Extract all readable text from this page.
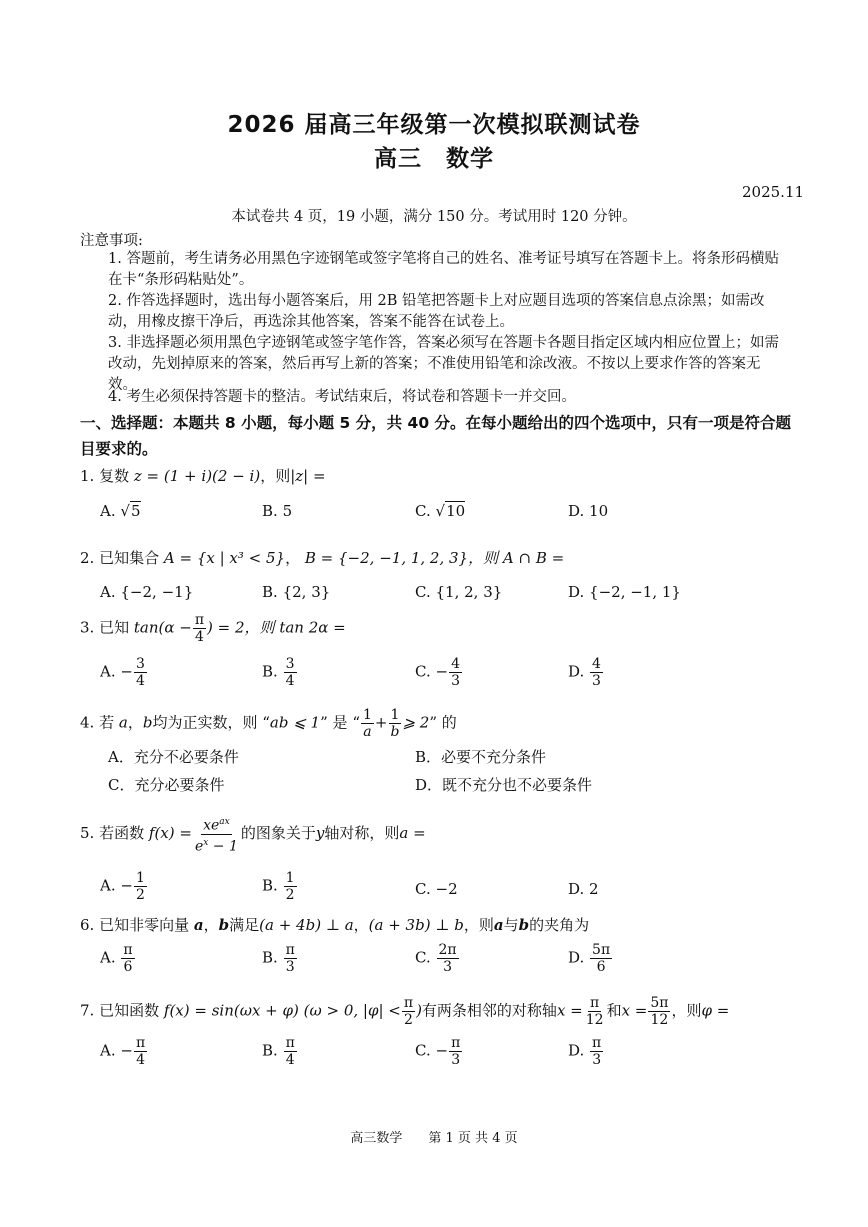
2026 届高三年级第一次模拟联测试卷
高三　数学
2025.11
本试卷共 4 页，19 小题，满分 150 分。考试用时 120 分钟。
注意事项:
1. 答题前，考生请务必用黑色字迹钢笔或签字笔将自己的姓名、准考证号填写在答题卡上。将条形码横贴在卡“条形码粘贴处”。
2. 作答选择题时，选出每小题答案后，用 2B 铅笔把答题卡上对应题目选项的答案信息点涂黑；如需改动，用橡皮擦干净后，再选涂其他答案，答案不能答在试卷上。
3. 非选择题必须用黑色字迹钢笔或签字笔作答，答案必须写在答题卡各题目指定区域内相应位置上；如需改动，先划掉原来的答案，然后再写上新的答案；不准使用铅笔和涂改液。不按以上要求作答的答案无效。
4. 考生必须保持答题卡的整洁。考试结束后，将试卷和答题卡一并交回。
一、选择题：本题共 8 小题，每小题 5 分，共 40 分。在每小题给出的四个选项中，只有一项是符合题目要求的。
1. 复数 z = (1 + i)(2 − i)，则|z| =
A. √5	B. 5	C. √10	D. 10
2. 已知集合 A = {x | x³ < 5}， B = {−2, −1, 1, 2, 3}，则 A ∩ B =
A. {−2, −1}	B. {2, 3}	C. {1, 2, 3}	D. {−2, −1, 1}
3. 已知 $\tan(\alpha - \frac{\pi}{4}$ ) = 2，则 tan 2α =
A. − $\frac{3}{4}$	B. $\frac{3}{4}$	C. − $\frac{4}{3}$	D. $\frac{4}{3}$
4. 若 a，b均为正实数，则 “ab ⩽ 1” 是 “ $\frac{1}{a} + \frac{1}{b}$ ⩾ 2” 的
A．充分不必要条件	B．必要不充分条件
C．充分必要条件	D．既不充分也不必要条件
5. 若函数 $f(x) = \frac{xe^{ax}}{e^x - 1}$ 的图象关于y轴对称，则a =
A. − $\frac{1}{2}$	B. $\frac{1}{2}$	C. −2	D. 2
6. 已知非零向量 a，b满足(a + 4b) ⊥ a，(a + 3b) ⊥ b，则a与b的夹角为
A. $\frac{\pi}{6}$	B. $\frac{\pi}{3}$	C. $\frac{2\pi}{3}$	D. $\frac{5\pi}{6}$
7. 已知函数 f(x) = sin(ωx + φ) (ω > 0, $|\varphi| < \frac{\pi}{2}$ )有两条相邻的对称轴$x = \frac{\pi}{12}$ 和$x = \frac{5\pi}{12}$ ，则φ =
A. − $\frac{\pi}{4}$	B. $\frac{\pi}{4}$	C. − $\frac{\pi}{3}$	D. $\frac{\pi}{3}$
高三数学　　第 1 页 共 4 页
